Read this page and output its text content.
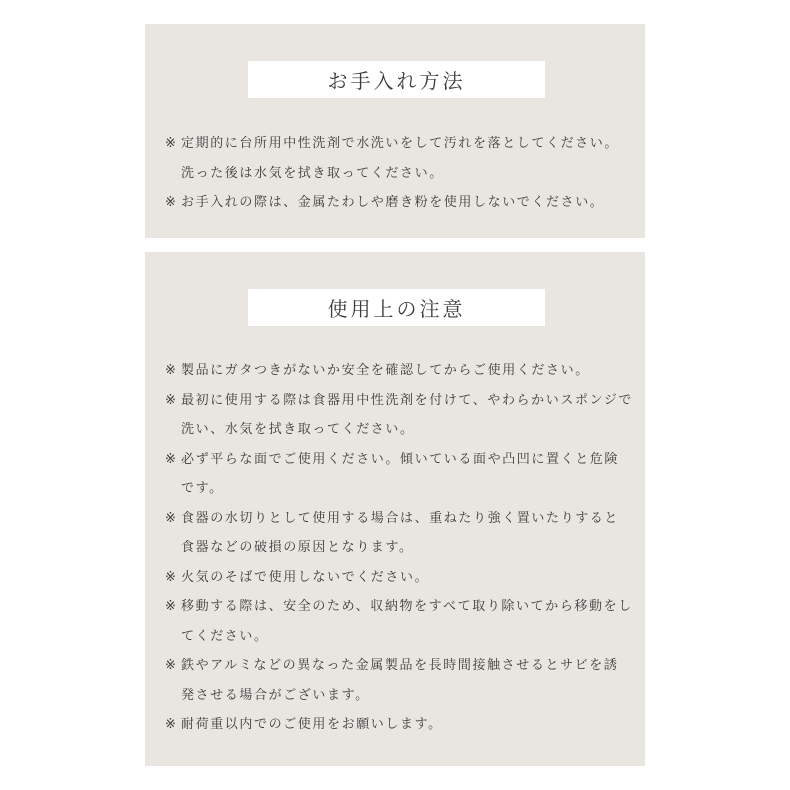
お手入れ方法
※ 定期的に台所用中性洗剤で水洗いをして汚れを落としてください。洗った後は水気を拭き取ってください。
※ お手入れの際は、金属たわしや磨き粉を使用しないでください。
使用上の注意
※ 製品にガタつきがないか安全を確認してからご使用ください。
※ 最初に使用する際は食器用中性洗剤を付けて、やわらかいスポンジで洗い、水気を拭き取ってください。
※ 必ず平らな面でご使用ください。傾いている面や凸凹に置くと危険です。
※ 食器の水切りとして使用する場合は、重ねたり強く置いたりすると食器などの破損の原因となります。
※ 火気のそばで使用しないでください。
※ 移動する際は、安全のため、収納物をすべて取り除いてから移動をしてください。
※ 鉄やアルミなどの異なった金属製品を長時間接触させるとサビを誘発させる場合がございます。
※ 耐荷重以内でのご使用をお願いします。
